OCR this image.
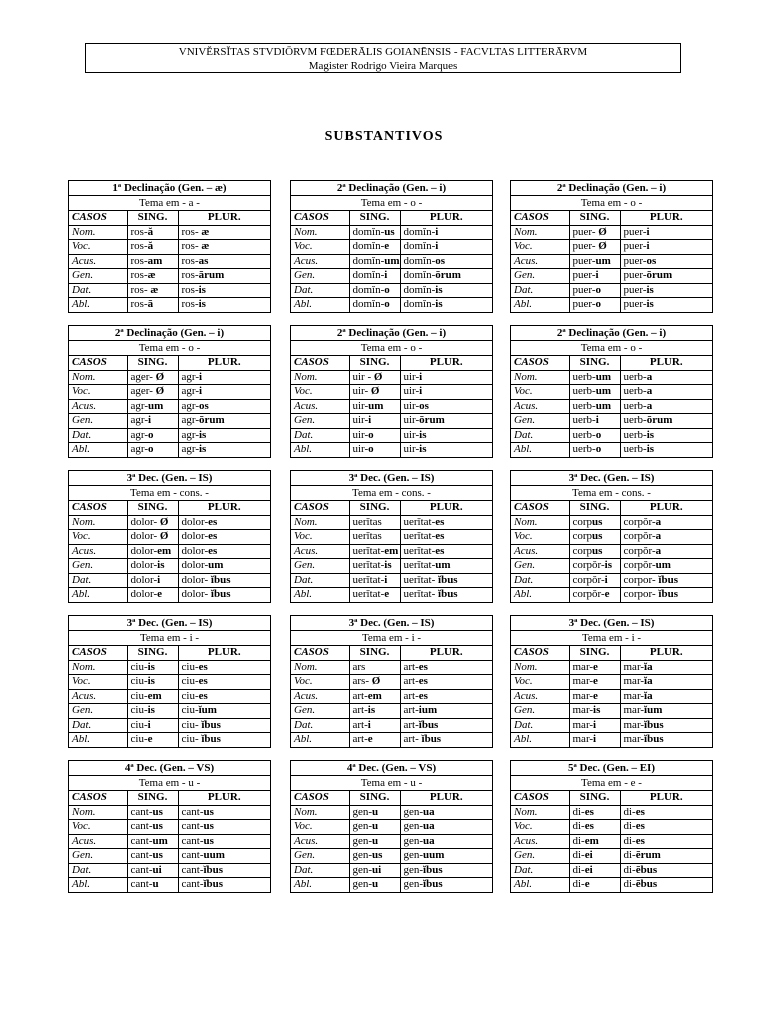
VNIVĔRSĬTAS STVDIŌRVM FŒDERĀLIS GOIANĒNSIS - FACVLTAS LITTERĀRVM
Magister Rodrigo Vieira Marques
SUBSTANTIVOS
1ª Declinação (Gen. – æ)
Tema em - a -
CASOS	SING.	PLUR.
Nom.	ros-ă	ros- æ
Voc.	ros-ă	ros- æ
Acus.	ros-am	ros-as
Gen.	ros-æ	ros-ārum
Dat.	ros- æ	ros-is
Abl.	ros-ā	ros-is
2ª Declinação (Gen. – i)
Tema em - o -
CASOS	SING.	PLUR.
Nom.	domĭn-us	domĭn-i
Voc.	domĭn-e	domĭn-i
Acus.	domĭn-um	domĭn-os
Gen.	domĭn-i	domĭn-ōrum
Dat.	domĭn-o	domĭn-is
Abl.	domĭn-o	domĭn-is
2ª Declinação (Gen. – i)
Tema em - o -
CASOS	SING.	PLUR.
Nom.	puer- Ø	puer-i
Voc.	puer- Ø	puer-i
Acus.	puer-um	puer-os
Gen.	puer-i	puer-ōrum
Dat.	puer-o	puer-is
Abl.	puer-o	puer-is
2ª Declinação (Gen. – i)
Tema em - o -
CASOS	SING.	PLUR.
Nom.	ager- Ø	agr-i
Voc.	ager- Ø	agr-i
Acus.	agr-um	agr-os
Gen.	agr-i	agr-ōrum
Dat.	agr-o	agr-is
Abl.	agr-o	agr-is
2ª Declinação (Gen. – i)
Tema em - o -
CASOS	SING.	PLUR.
Nom.	uir - Ø	uir-i
Voc.	uir- Ø	uir-i
Acus.	uir-um	uir-os
Gen.	uir-i	uir-ōrum
Dat.	uir-o	uir-is
Abl.	uir-o	uir-is
2ª Declinação (Gen. – i)
Tema em - o -
CASOS	SING.	PLUR.
Nom.	uerb-um	uerb-a
Voc.	uerb-um	uerb-a
Acus.	uerb-um	uerb-a
Gen.	uerb-i	uerb-ōrum
Dat.	uerb-o	uerb-is
Abl.	uerb-o	uerb-is
3ª Dec. (Gen. – IS)
Tema em - cons. -
CASOS	SING.	PLUR.
Nom.	dolor- Ø	dolor-es
Voc.	dolor- Ø	dolor-es
Acus.	dolor-em	dolor-es
Gen.	dolor-is	dolor-um
Dat.	dolor-i	dolor- ĭbus
Abl.	dolor-e	dolor- ĭbus
3ª Dec. (Gen. – IS)
Tema em - cons. -
CASOS	SING.	PLUR.
Nom.	uerĭtas	uerĭtat-es
Voc.	uerĭtas	uerĭtat-es
Acus.	uerĭtat-em	uerĭtat-es
Gen.	uerĭtat-is	uerĭtat-um
Dat.	uerĭtat-i	uerĭtat- ĭbus
Abl.	uerĭtat-e	uerĭtat- ĭbus
3ª Dec. (Gen. – IS)
Tema em - cons. -
CASOS	SING.	PLUR.
Nom.	corpus	corpŏr-a
Voc.	corpus	corpŏr-a
Acus.	corpus	corpŏr-a
Gen.	corpŏr-is	corpŏr-um
Dat.	corpŏr-i	corpor- ĭbus
Abl.	corpŏr-e	corpor- ĭbus
3ª Dec. (Gen. – IS)
Tema em - i -
CASOS	SING.	PLUR.
Nom.	ciu-is	ciu-es
Voc.	ciu-is	ciu-es
Acus.	ciu-em	ciu-es
Gen.	ciu-is	ciu-ĭum
Dat.	ciu-i	ciu- ĭbus
Abl.	ciu-e	ciu- ĭbus
3ª Dec. (Gen. – IS)
Tema em - i -
CASOS	SING.	PLUR.
Nom.	ars	art-es
Voc.	ars- Ø	art-es
Acus.	art-em	art-es
Gen.	art-is	art-ium
Dat.	art-i	art-ĭbus
Abl.	art-e	art- ĭbus
3ª Dec. (Gen. – IS)
Tema em - i -
CASOS	SING.	PLUR.
Nom.	mar-e	mar-ĭa
Voc.	mar-e	mar-ĭa
Acus.	mar-e	mar-ĭa
Gen.	mar-is	mar-ĭum
Dat.	mar-i	mar-ĭbus
Abl.	mar-i	mar-ĭbus
4ª Dec. (Gen. – VS)
Tema em - u -
CASOS	SING.	PLUR.
Nom.	cant-us	cant-us
Voc.	cant-us	cant-us
Acus.	cant-um	cant-us
Gen.	cant-us	cant-uum
Dat.	cant-ui	cant-ĭbus
Abl.	cant-u	cant-ĭbus
4ª Dec. (Gen. – VS)
Tema em - u -
CASOS	SING.	PLUR.
Nom.	gen-u	gen-ua
Voc.	gen-u	gen-ua
Acus.	gen-u	gen-ua
Gen.	gen-us	gen-uum
Dat.	gen-ui	gen-ĭbus
Abl.	gen-u	gen-ĭbus
5ª Dec. (Gen. – EI)
Tema em - e -
CASOS	SING.	PLUR.
Nom.	di-es	di-es
Voc.	di-es	di-es
Acus.	di-em	di-es
Gen.	di-ei	di-ērum
Dat.	di-ei	di-ēbus
Abl.	di-e	di-ēbus
